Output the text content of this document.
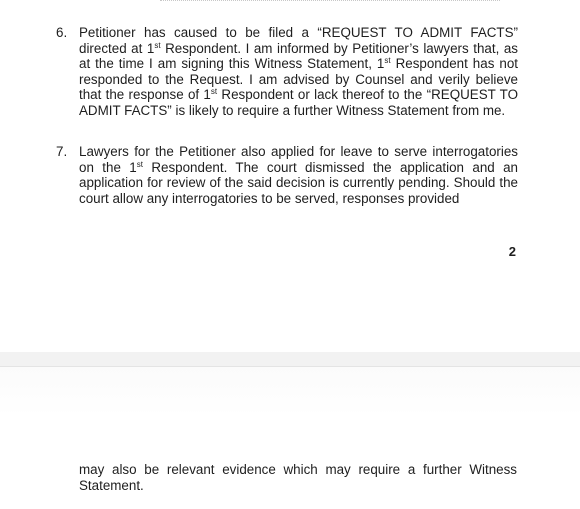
6. Petitioner has caused to be filed a “REQUEST TO ADMIT FACTS” directed at 1st Respondent. I am informed by Petitioner’s lawyers that, as at the time I am signing this Witness Statement, 1st Respondent has not responded to the Request. I am advised by Counsel and verily believe that the response of 1st Respondent or lack thereof to the “REQUEST TO ADMIT FACTS” is likely to require a further Witness Statement from me.
7. Lawyers for the Petitioner also applied for leave to serve interrogatories on the 1st Respondent. The court dismissed the application and an application for review of the said decision is currently pending. Should the court allow any interrogatories to be served, responses provided
2
may also be relevant evidence which may require a further Witness Statement.
